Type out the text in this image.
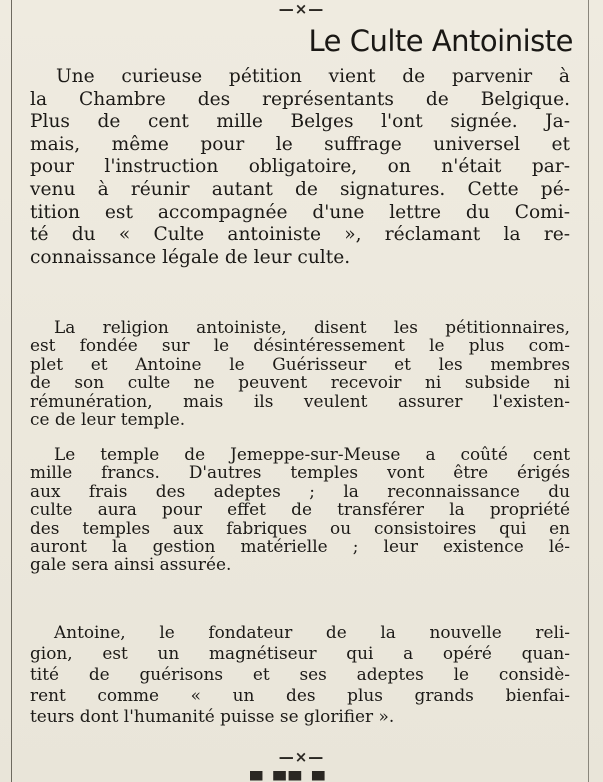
—×—
Le Culte Antoiniste
Une curieuse pétition vient de parvenir à
la Chambre des représentants de Belgique.
Plus de cent mille Belges l'ont signée. Ja-
mais, même pour le suffrage universel et
pour l'instruction obligatoire, on n'était par-
venu à réunir autant de signatures. Cette pé-
tition est accompagnée d'une lettre du Comi-
té du « Culte antoiniste », réclamant la re-
connaissance légale de leur culte.
La religion antoiniste, disent les pétitionnaires,
est fondée sur le désintéressement le plus com-
plet et Antoine le Guérisseur et les membres
de son culte ne peuvent recevoir ni subside ni
rémunération, mais ils veulent assurer l'existen-
ce de leur temple.
Le temple de Jemeppe-sur-Meuse a coûté cent
mille francs. D'autres temples vont être érigés
aux frais des adeptes ; la reconnaissance du
culte aura pour effet de transférer la propriété
des temples aux fabriques ou consistoires qui en
auront la gestion matérielle ; leur existence lé-
gale sera ainsi assurée.
Antoine, le fondateur de la nouvelle reli-
gion, est un magnétiseur qui a opéré quan-
tité de guérisons et ses adeptes le considè-
rent comme « un des plus grands bienfai-
teurs dont l'humanité puisse se glorifier ».
—×—
▀ ▀▀ ▀
